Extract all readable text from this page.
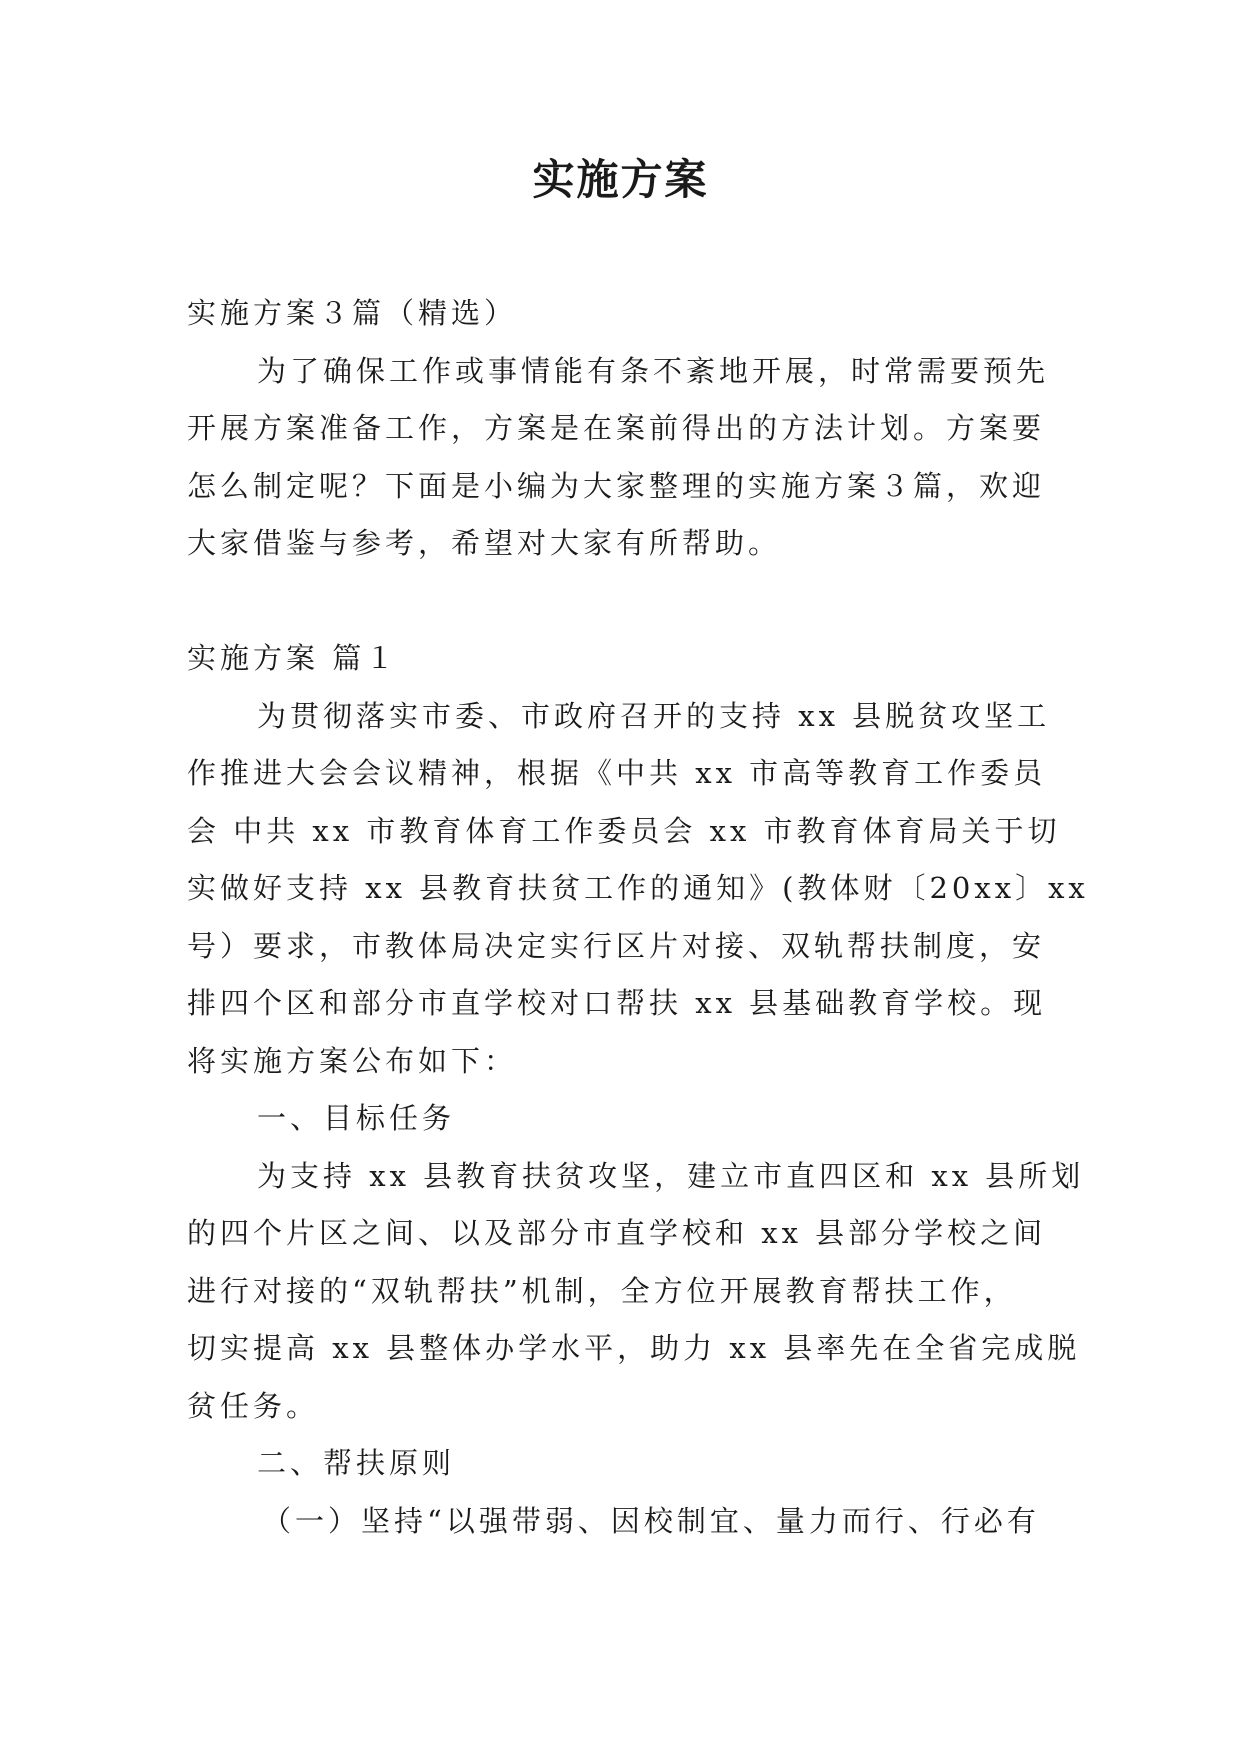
实施方案

实施方案３篇（精选）

为了确保工作或事情能有条不紊地开展，时常需要预先
开展方案准备工作，方案是在案前得出的方法计划。方案要
怎么制定呢？下面是小编为大家整理的实施方案３篇，欢迎
大家借鉴与参考，希望对大家有所帮助。

实施方案 篇１

为贯彻落实市委、市政府召开的支持 xx 县脱贫攻坚工
作推进大会会议精神，根据《中共 xx 市高等教育工作委员
会 中共 xx 市教育体育工作委员会 xx 市教育体育局关于切
实做好支持 xx 县教育扶贫工作的通知》(教体财〔20xx〕xx
号）要求，市教体局决定实行区片对接、双轨帮扶制度，安
排四个区和部分市直学校对口帮扶 xx 县基础教育学校。现
将实施方案公布如下：

一、目标任务

为支持 xx 县教育扶贫攻坚，建立市直四区和 xx 县所划
的四个片区之间、以及部分市直学校和 xx 县部分学校之间
进行对接的“双轨帮扶”机制，全方位开展教育帮扶工作，
切实提高 xx 县整体办学水平，助力 xx 县率先在全省完成脱
贫任务。

二、帮扶原则

（一）坚持“以强带弱、因校制宜、量力而行、行必有
